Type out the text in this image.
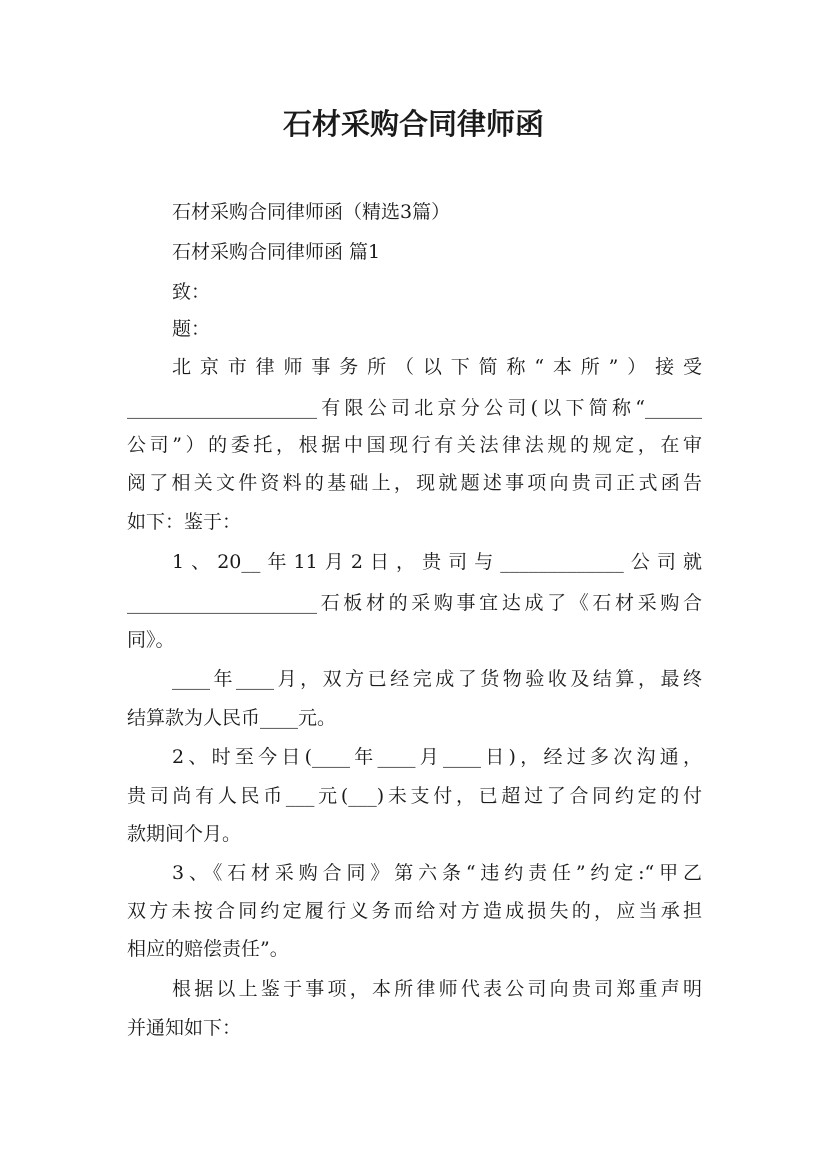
石材采购合同律师函
石材采购合同律师函（精选3篇）
石材采购合同律师函 篇1
致：
题：
北京市律师事务所（以下简称“本所”）接受
____________________有限公司北京分公司(以下简称“______
公司”）的委托，根据中国现行有关法律法规的规定，在审
阅了相关文件资料的基础上，现就题述事项向贵司正式函告
如下：鉴于：
1、20__年11月2日，贵司与_____________公司就
____________________石板材的采购事宜达成了《石材采购合
同》。
____年____月，双方已经完成了货物验收及结算，最终
结算款为人民币____元。
2、时至今日(____年____月____日)，经过多次沟通，
贵司尚有人民币___元(___)未支付，已超过了合同约定的付
款期间个月。
3、《石材采购合同》第六条“违约责任”约定:“甲乙
双方未按合同约定履行义务而给对方造成损失的，应当承担
相应的赔偿责任”。
根据以上鉴于事项，本所律师代表公司向贵司郑重声明
并通知如下：
